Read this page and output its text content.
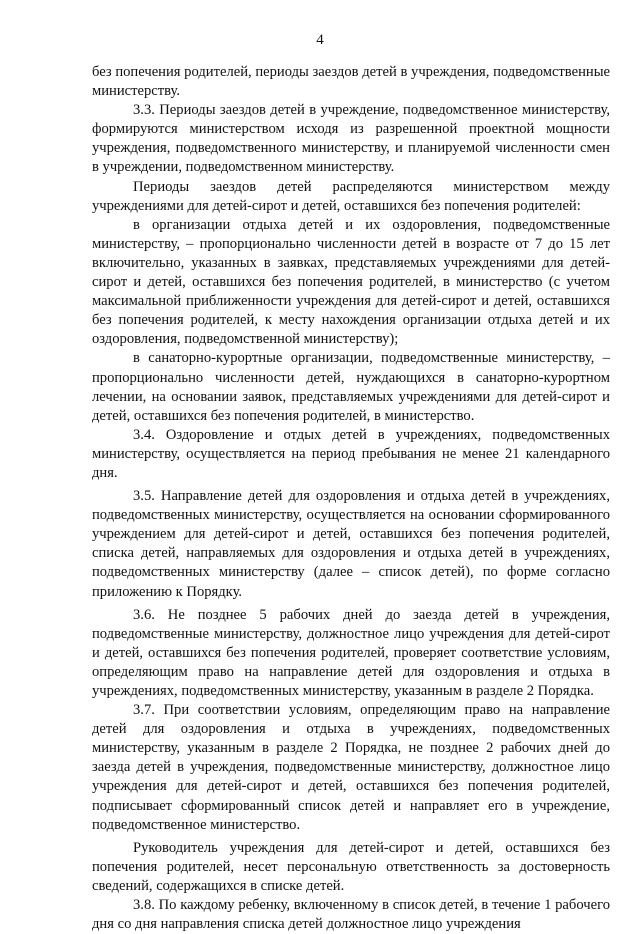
4

без попечения родителей, периоды заездов детей в учреждения, подведомственные министерству.

3.3. Периоды заездов детей в учреждение, подведомственное министерству, формируются министерством исходя из разрешенной проектной мощности учреждения, подведомственного министерству, и планируемой численности смен в учреждении, подведомственном министерству.

Периоды заездов детей распределяются министерством между учреждениями для детей-сирот и детей, оставшихся без попечения родителей:

в организации отдыха детей и их оздоровления, подведомственные министерству, – пропорционально численности детей в возрасте от 7 до 15 лет включительно, указанных в заявках, представляемых учреждениями для детей-сирот и детей, оставшихся без попечения родителей, в министерство (с учетом максимальной приближенности учреждения для детей-сирот и детей, оставшихся без попечения родителей, к месту нахождения организации отдыха детей и их оздоровления, подведомственной министерству);

в санаторно-курортные организации, подведомственные министерству, – пропорционально численности детей, нуждающихся в санаторно-курортном лечении, на основании заявок, представляемых учреждениями для детей-сирот и детей, оставшихся без попечения родителей, в министерство.

3.4. Оздоровление и отдых детей в учреждениях, подведомственных министерству, осуществляется на период пребывания не менее 21 календарного дня.

3.5. Направление детей для оздоровления и отдыха детей в учреждениях, подведомственных министерству, осуществляется на основании сформированного учреждением для детей-сирот и детей, оставшихся без попечения родителей, списка детей, направляемых для оздоровления и отдыха детей в учреждениях, подведомственных министерству (далее – список детей), по форме согласно приложению к Порядку.

3.6. Не позднее 5 рабочих дней до заезда детей в учреждения, подведомственные министерству, должностное лицо учреждения для детей-сирот и детей, оставшихся без попечения родителей, проверяет соответствие условиям, определяющим право на направление детей для оздоровления и отдыха в учреждениях, подведомственных министерству, указанным в разделе 2 Порядка.

3.7. При соответствии условиям, определяющим право на направление детей для оздоровления и отдыха в учреждениях, подведомственных министерству, указанным в разделе 2 Порядка, не позднее 2 рабочих дней до заезда детей в учреждения, подведомственные министерству, должностное лицо учреждения для детей-сирот и детей, оставшихся без попечения родителей, подписывает сформированный список детей и направляет его в учреждение, подведомственное министерство.

Руководитель учреждения для детей-сирот и детей, оставшихся без попечения родителей, несет персональную ответственность за достоверность сведений, содержащихся в списке детей.

3.8. По каждому ребенку, включенному в список детей, в течение 1 рабочего дня со дня направления списка детей должностное лицо учреждения
